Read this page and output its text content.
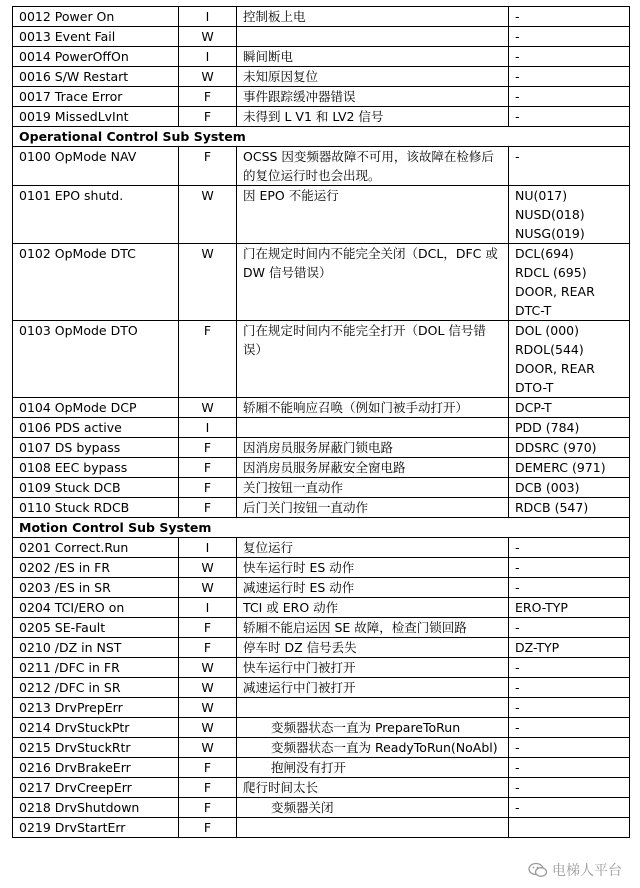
0012 Power On	I	控制板上电	-

0013 Event Fail	W		-

0014 PowerOffOn	I	瞬间断电	-

0016 S/W Restart	W	未知原因复位	-

0017 Trace Error	F	事件跟踪缓冲器错误	-

0019 MissedLvInt	F	未得到 L V1 和 LV2 信号	-

Operational Control Sub System			
0100 OpMode NAV	F	OCSS 因变频器故障不可用，该故障在检修后的复位运行时也会出现。	-

0101 EPO shutd.	W	因 EPO 不能运行	NU(017)
NUSD(018)
NUSG(019)

0102 OpMode DTC	W	门在规定时间内不能完全关闭（DCL，DFC 或 DW 信号错误）	DCL(694)
RDCL (695)
DOOR, REAR
DTC-T

0103 OpMode DTO	F	门在规定时间内不能完全打开（DOL 信号错误）	DOL (000)
RDOL(544)
DOOR, REAR
DTO-T

0104 OpMode DCP	W	轿厢不能响应召唤（例如门被手动打开）	DCP-T

0106 PDS active	I		PDD (784)

0107 DS bypass	F	因消房员服务屏蔽门锁电路	DDSRC (970)

0108 EEC bypass	F	因消房员服务屏蔽安全窗电路	DEMERC (971)

0109 Stuck DCB	F	关门按钮一直动作	DCB (003)

0110 Stuck RDCB	F	后门关门按钮一直动作	RDCB (547)

Motion Control Sub System			
0201 Correct.Run	I	复位运行	-

0202 /ES in FR	W	快车运行时 ES 动作	-

0203 /ES in SR	W	减速运行时 ES 动作	-

0204 TCI/ERO on	I	TCI 或 ERO 动作	ERO-TYP

0205 SE-Fault	F	轿厢不能启运因 SE 故障，检查门锁回路	-

0210 /DZ in NST	F	停车时 DZ 信号丢失	DZ-TYP

0211 /DFC in FR	W	快车运行中门被打开	-

0212 /DFC in SR	W	减速运行中门被打开	-

0213 DrvPrepErr	W		-

0214 DrvStuckPtr	W	变频器状态一直为 PrepareToRun	-

0215 DrvStuckRtr	W	变频器状态一直为 ReadyToRun(NoAbl)	-

0216 DrvBrakeErr	F	抱闸没有打开	-

0217 DrvCreepErr	F	爬行时间太长	-

0218 DrvShutdown	F	变频器关闭	-

0219 DrvStartErr	F		

电梯人平台
